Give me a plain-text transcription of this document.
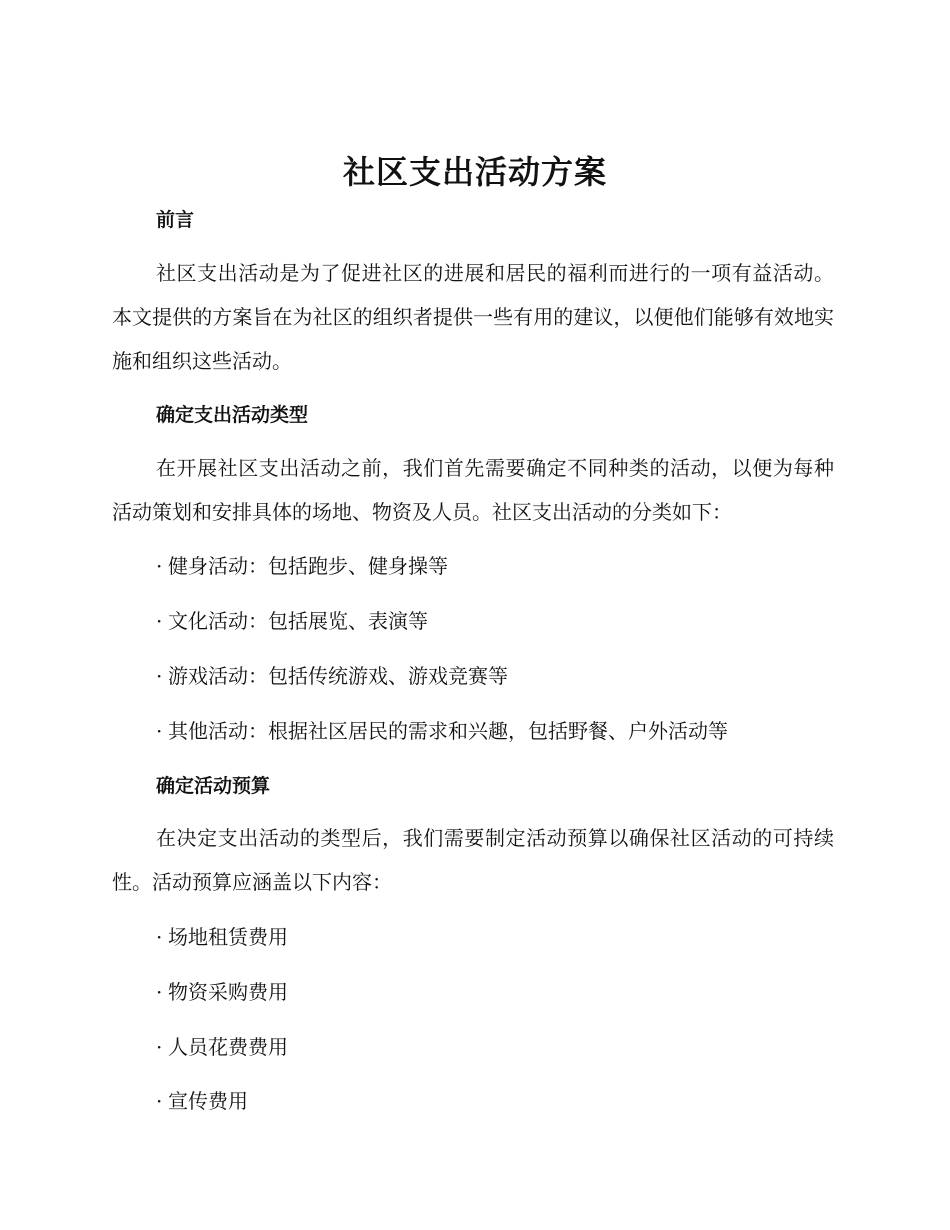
社区支出活动方案
前言
社区支出活动是为了促进社区的进展和居民的福利而进行的一项有益活动。本文提供的方案旨在为社区的组织者提供一些有用的建议，以便他们能够有效地实施和组织这些活动。
确定支出活动类型
在开展社区支出活动之前，我们首先需要确定不同种类的活动，以便为每种活动策划和安排具体的场地、物资及人员。社区支出活动的分类如下：
· 健身活动：包括跑步、健身操等
· 文化活动：包括展览、表演等
· 游戏活动：包括传统游戏、游戏竞赛等
· 其他活动：根据社区居民的需求和兴趣，包括野餐、户外活动等
确定活动预算
在决定支出活动的类型后，我们需要制定活动预算以确保社区活动的可持续性。活动预算应涵盖以下内容：
· 场地租赁费用
· 物资采购费用
· 人员花费费用
· 宣传费用
